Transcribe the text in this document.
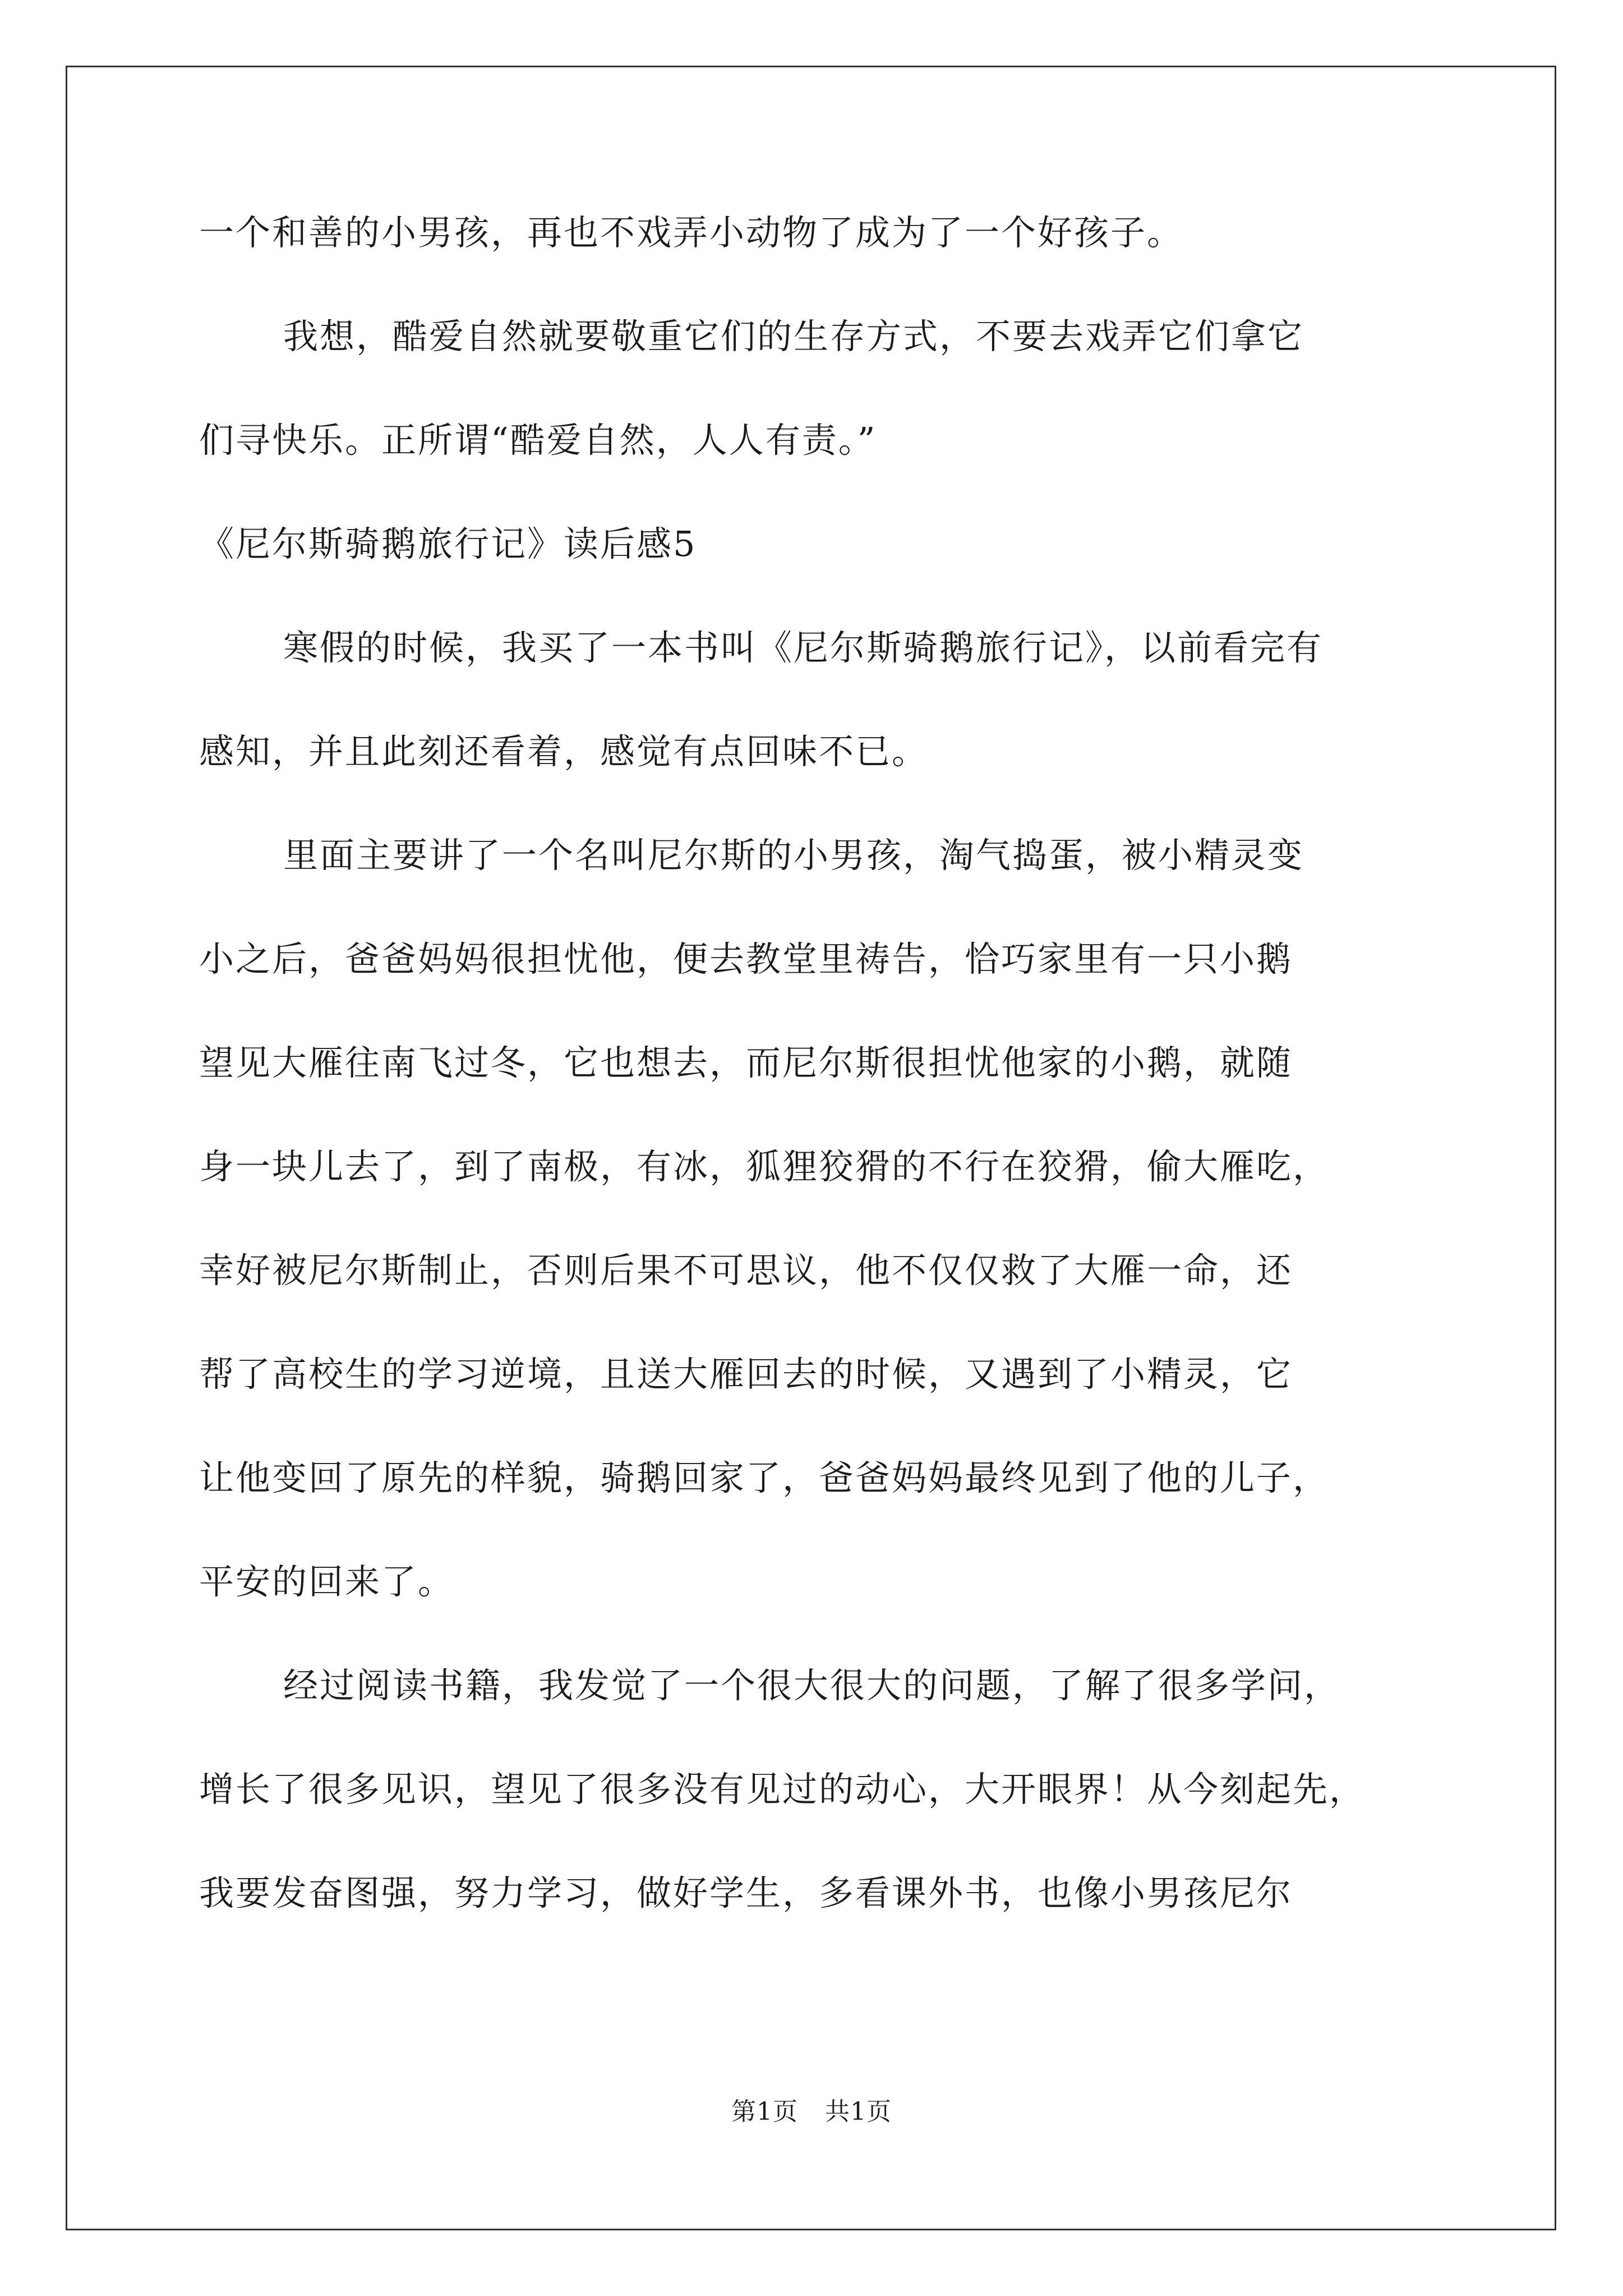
一个和善的小男孩，再也不戏弄小动物了成为了一个好孩子。
我想，酷爱自然就要敬重它们的生存方式，不要去戏弄它们拿它
们寻快乐。正所谓“酷爱自然，人人有责。”
《尼尔斯骑鹅旅行记》读后感5
寒假的时候，我买了一本书叫《尼尔斯骑鹅旅行记》，以前看完有
感知，并且此刻还看着，感觉有点回味不已。
里面主要讲了一个名叫尼尔斯的小男孩，淘气捣蛋，被小精灵变
小之后，爸爸妈妈很担忧他，便去教堂里祷告，恰巧家里有一只小鹅
望见大雁往南飞过冬，它也想去，而尼尔斯很担忧他家的小鹅，就随
身一块儿去了，到了南极，有冰，狐狸狡猾的不行在狡猾，偷大雁吃，
幸好被尼尔斯制止，否则后果不可思议，他不仅仅救了大雁一命，还
帮了高校生的学习逆境，且送大雁回去的时候，又遇到了小精灵，它
让他变回了原先的样貌，骑鹅回家了，爸爸妈妈最终见到了他的儿子，
平安的回来了。
经过阅读书籍，我发觉了一个很大很大的问题，了解了很多学问，
增长了很多见识，望见了很多没有见过的动心，大开眼界！从今刻起先，
我要发奋图强，努力学习，做好学生，多看课外书，也像小男孩尼尔
第1页 共1页
